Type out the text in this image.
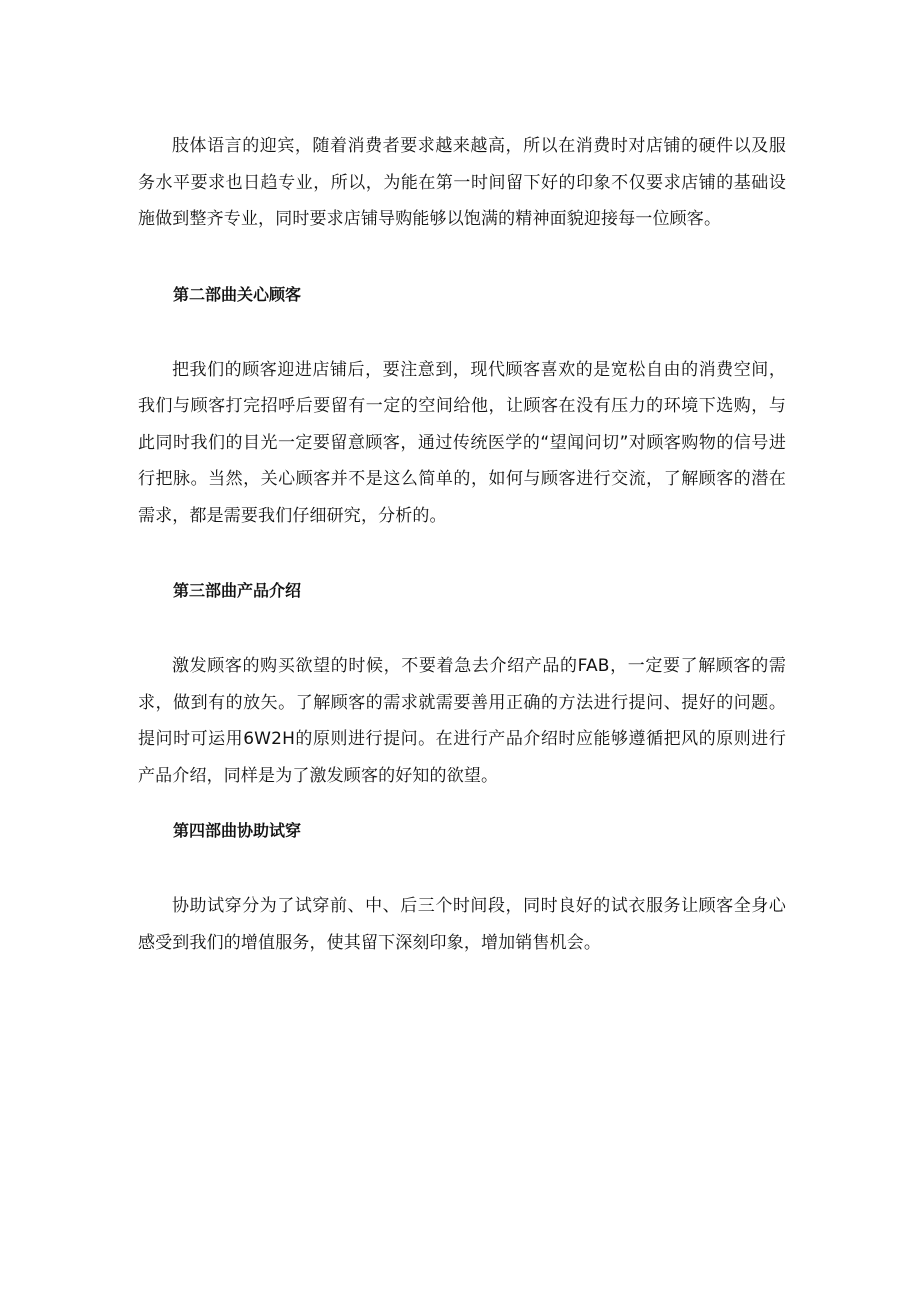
肢体语言的迎宾，随着消费者要求越来越高，所以在消费时对店铺的硬件以及服务水平要求也日趋专业，所以，为能在第一时间留下好的印象不仅要求店铺的基础设施做到整齐专业，同时要求店铺导购能够以饱满的精神面貌迎接每一位顾客。

第二部曲关心顾客

把我们的顾客迎进店铺后，要注意到，现代顾客喜欢的是宽松自由的消费空间，我们与顾客打完招呼后要留有一定的空间给他，让顾客在没有压力的环境下选购，与此同时我们的目光一定要留意顾客，通过传统医学的“望闻问切”对顾客购物的信号进行把脉。当然，关心顾客并不是这么简单的，如何与顾客进行交流，了解顾客的潜在需求，都是需要我们仔细研究，分析的。

第三部曲产品介绍

激发顾客的购买欲望的时候，不要着急去介绍产品的FAB，一定要了解顾客的需求，做到有的放矢。了解顾客的需求就需要善用正确的方法进行提问、提好的问题。提问时可运用6W2H的原则进行提问。在进行产品介绍时应能够遵循把风的原则进行产品介绍，同样是为了激发顾客的好知的欲望。

第四部曲协助试穿

协助试穿分为了试穿前、中、后三个时间段，同时良好的试衣服务让顾客全身心感受到我们的增值服务，使其留下深刻印象，增加销售机会。
